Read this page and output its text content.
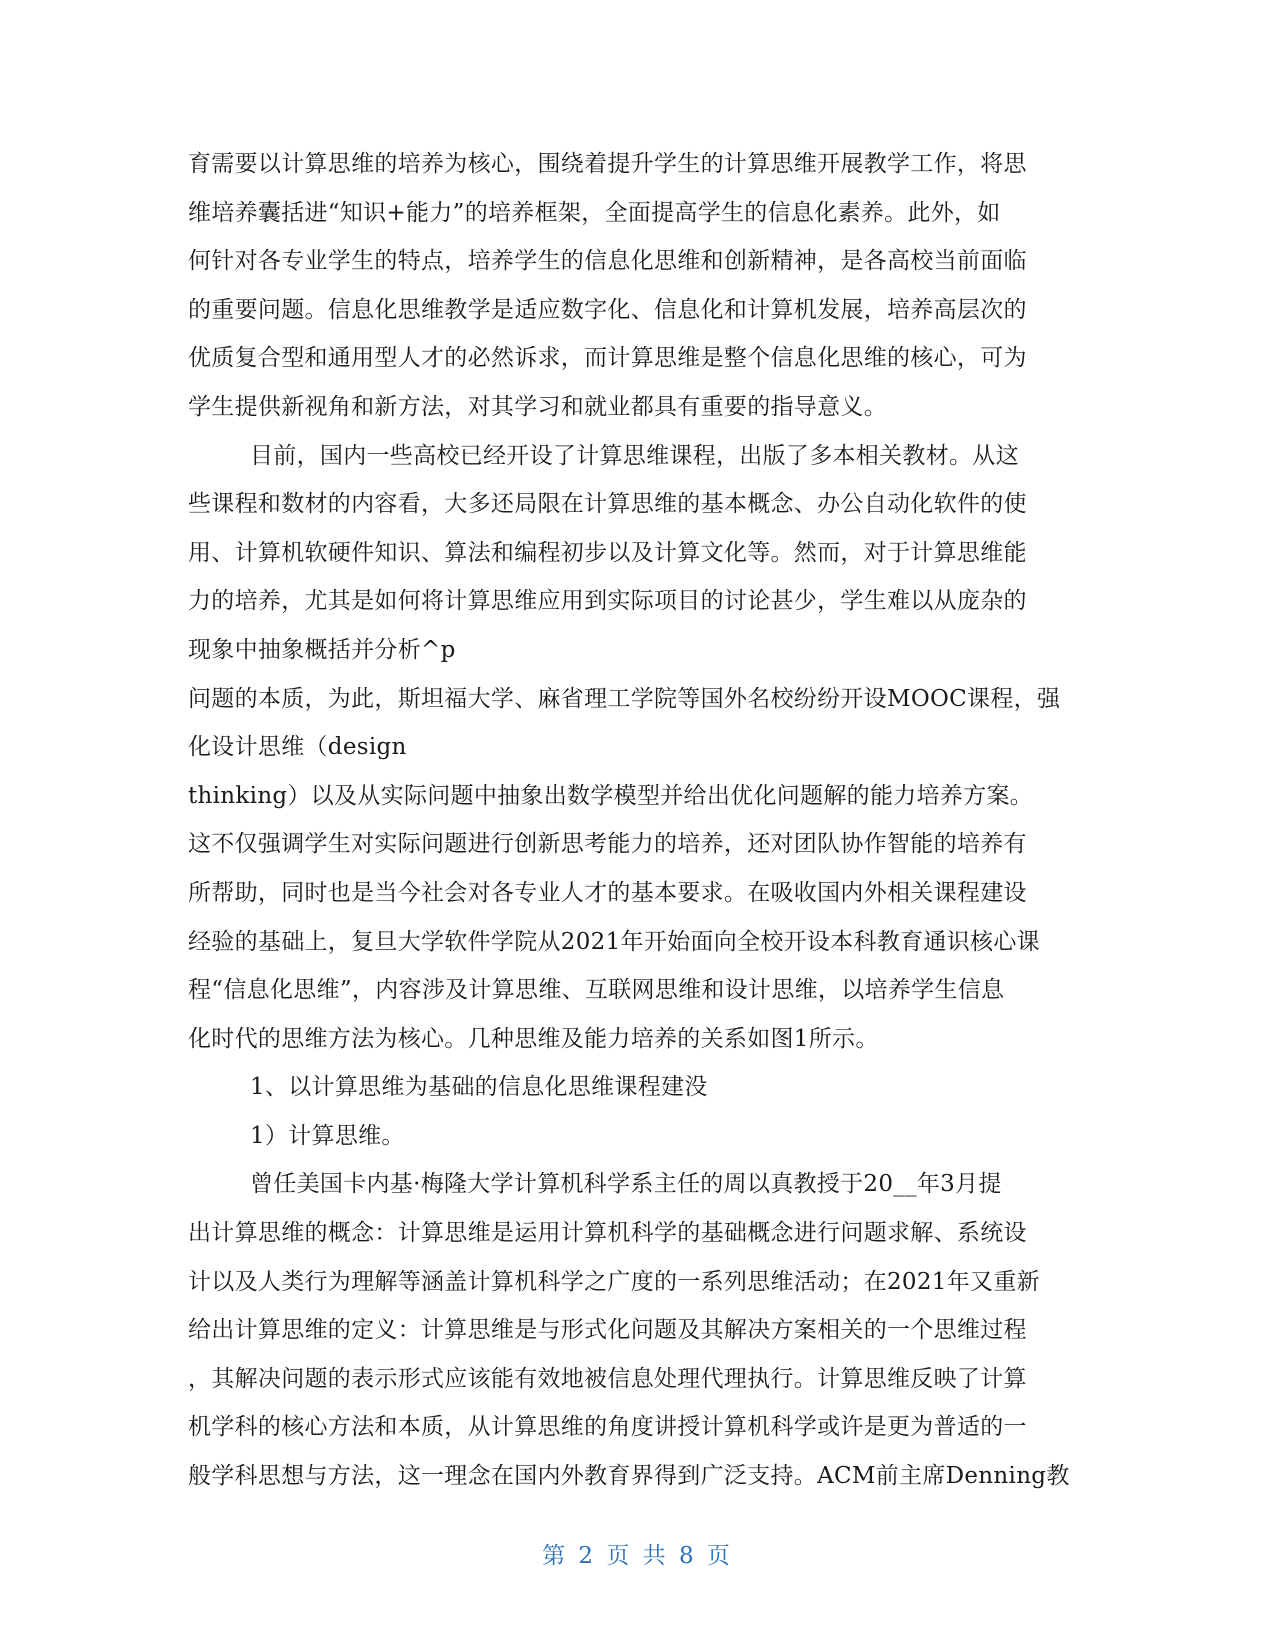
育需要以计算思维的培养为核心，围绕着提升学生的计算思维开展教学工作，将思
维培养囊括进“知识+能力”的培养框架，全面提高学生的信息化素养。此外，如
何针对各专业学生的特点，培养学生的信息化思维和创新精神，是各高校当前面临
的重要问题。信息化思维教学是适应数字化、信息化和计算机发展，培养高层次的
优质复合型和通用型人才的必然诉求，而计算思维是整个信息化思维的核心，可为
学生提供新视角和新方法，对其学习和就业都具有重要的指导意义。
目前，国内一些高校已经开设了计算思维课程，出版了多本相关教材。从这
些课程和数材的内容看，大多还局限在计算思维的基本概念、办公自动化软件的使
用、计算机软硬件知识、算法和编程初步以及计算文化等。然而，对于计算思维能
力的培养，尤其是如何将计算思维应用到实际项目的讨论甚少，学生难以从庞杂的
现象中抽象概括并分析^p
问题的本质，为此，斯坦福大学、麻省理工学院等国外名校纷纷开设MOOC课程，强
化设计思维（design
thinking）以及从实际问题中抽象出数学模型并给出优化问题解的能力培养方案。
这不仅强调学生对实际问题进行创新思考能力的培养，还对团队协作智能的培养有
所帮助，同时也是当今社会对各专业人才的基本要求。在吸收国内外相关课程建设
经验的基础上，复旦大学软件学院从2021年开始面向全校开设本科教育通识核心课
程“信息化思维”，内容涉及计算思维、互联网思维和设计思维，以培养学生信息
化时代的思维方法为核心。几种思维及能力培养的关系如图1所示。
1、以计算思维为基础的信息化思维课程建没
1）计算思维。
曾任美国卡内基·梅隆大学计算机科学系主任的周以真教授于20__年3月提
出计算思维的概念：计算思维是运用计算机科学的基础概念进行问题求解、系统设
计以及人类行为理解等涵盖计算机科学之广度的一系列思维活动；在2021年又重新
给出计算思维的定义：计算思维是与形式化问题及其解决方案相关的一个思维过程
，其解决问题的表示形式应该能有效地被信息处理代理执行。计算思维反映了计算
机学科的核心方法和本质，从计算思维的角度讲授计算机科学或许是更为普适的一
般学科思想与方法，这一理念在国内外教育界得到广泛支持。ACM前主席Denning教
第 2 页 共 8 页
